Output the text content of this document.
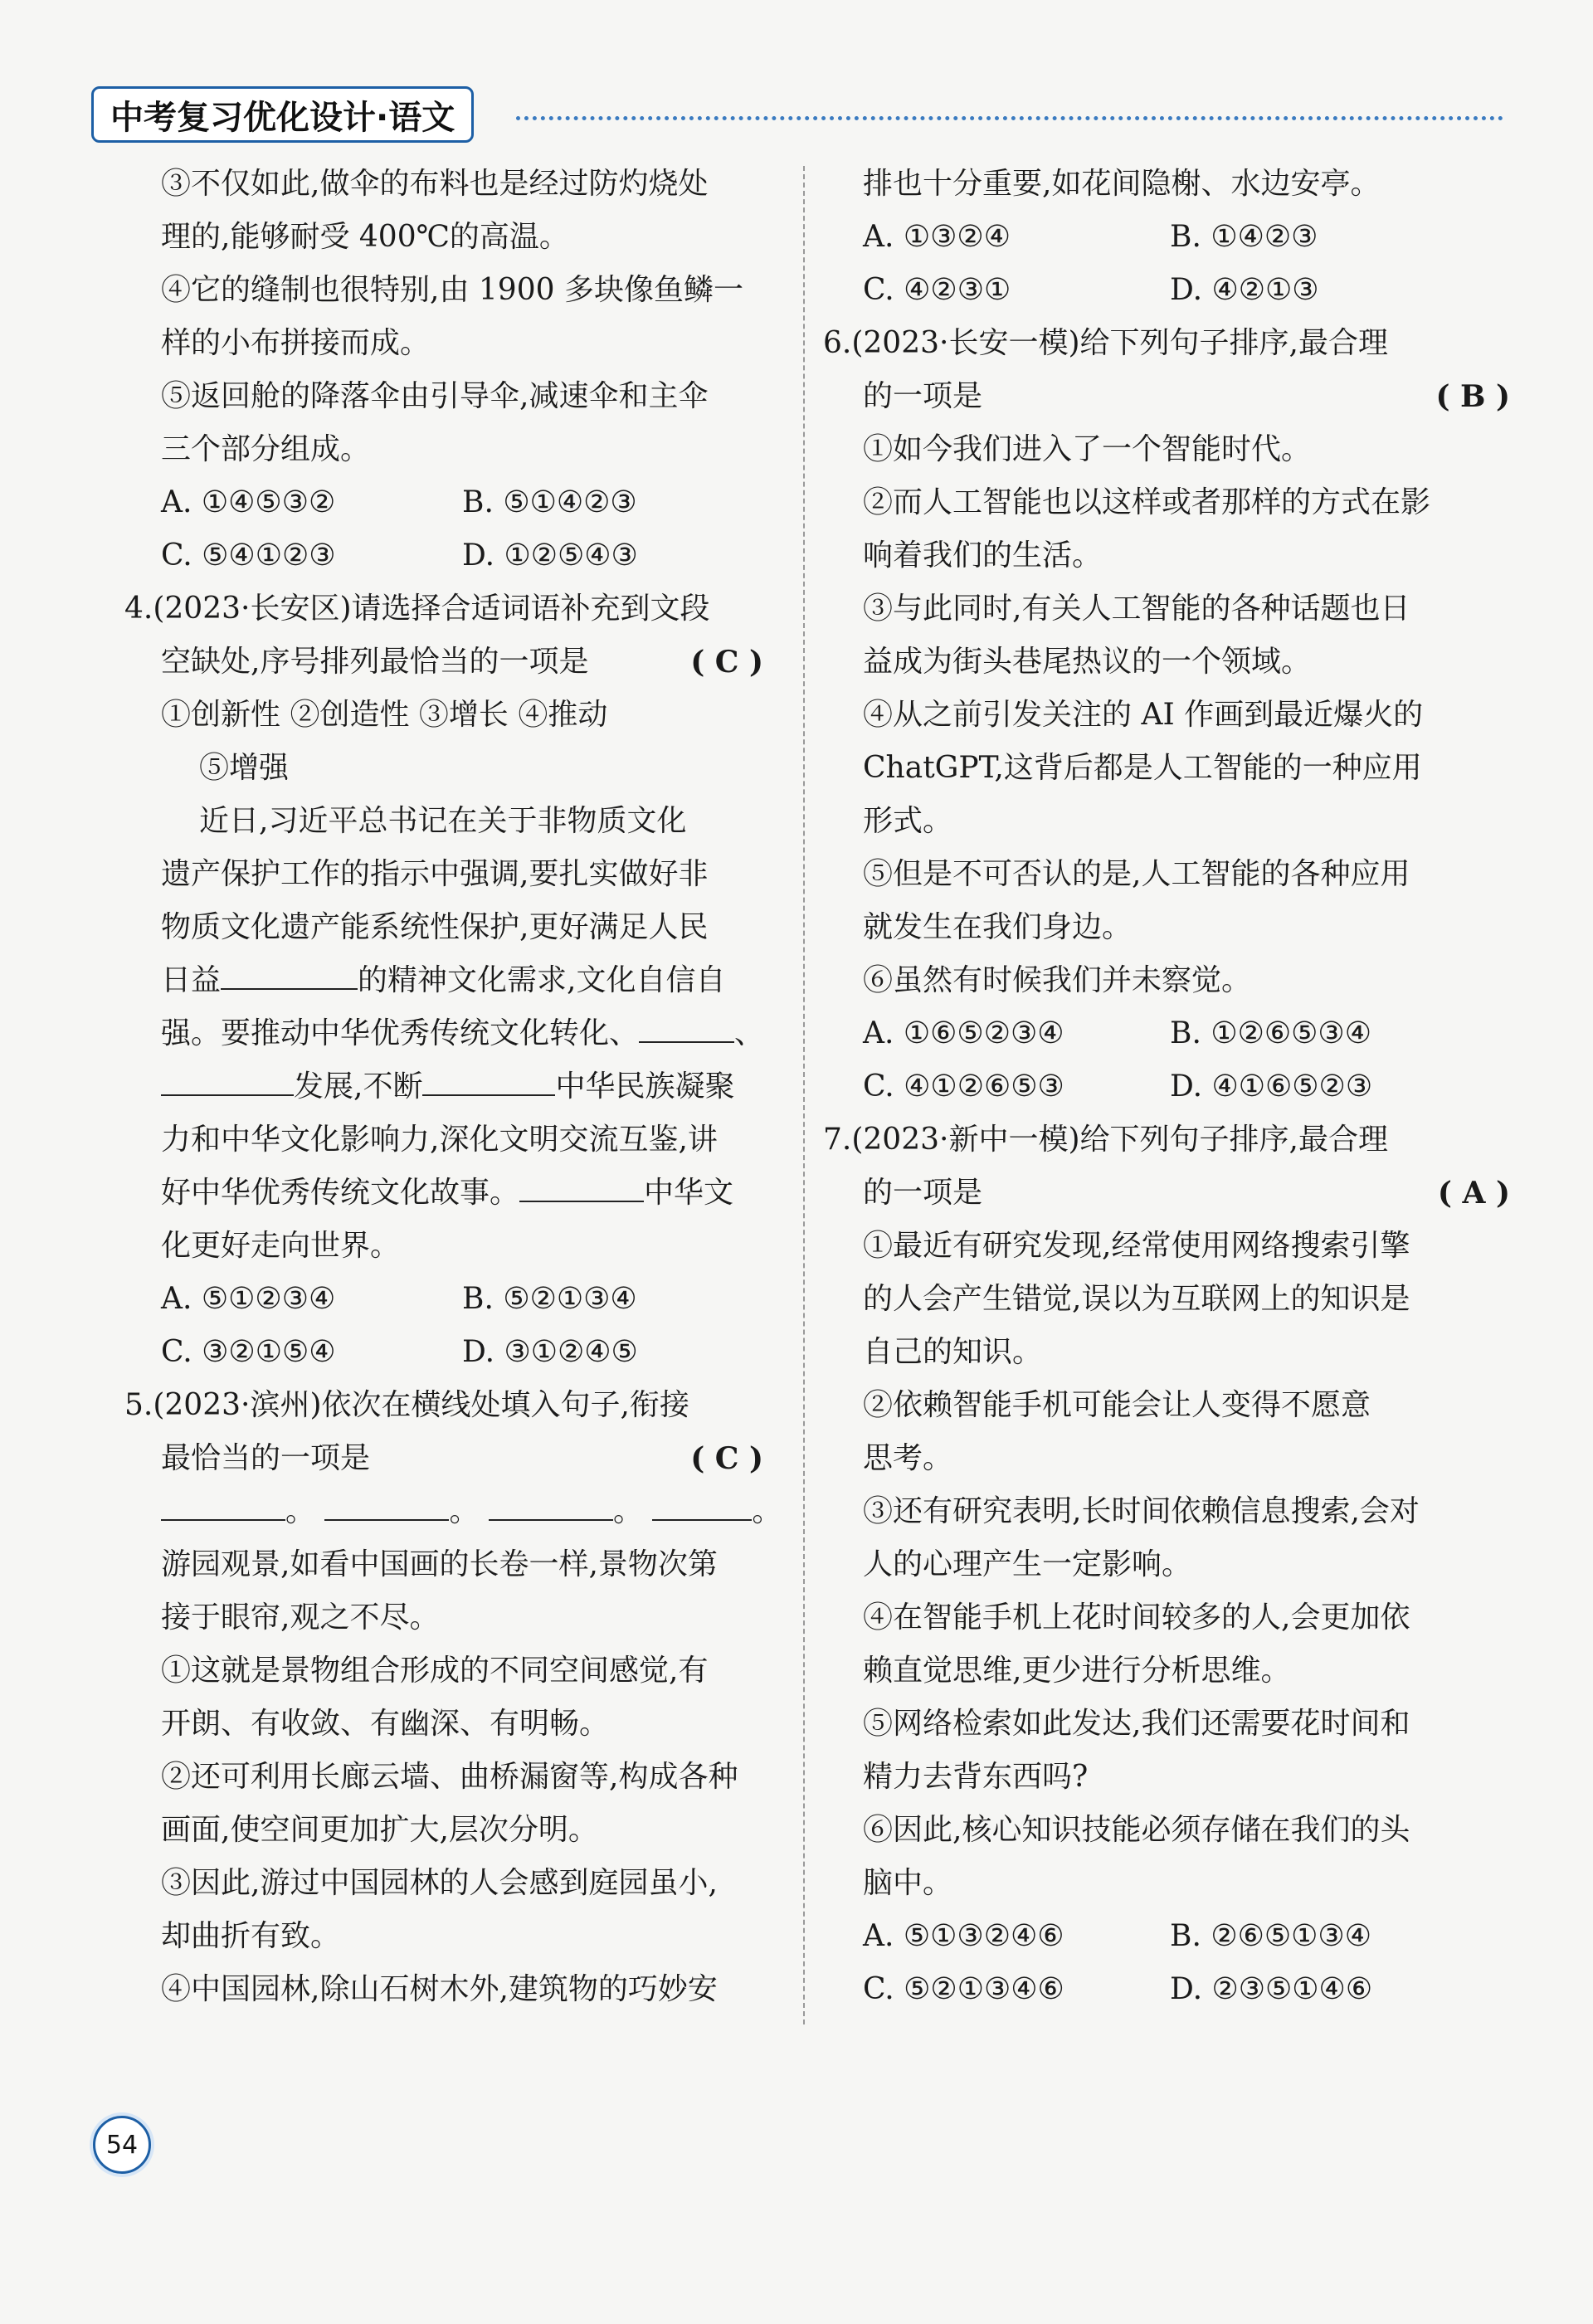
中考复习优化设计·语文
③不仅如此,做伞的布料也是经过防灼烧处
理的,能够耐受 400℃的高温。
④它的缝制也很特别,由 1900 多块像鱼鳞一
样的小布拼接而成。
⑤返回舱的降落伞由引导伞,减速伞和主伞
三个部分组成。
A. ①④⑤③②	B. ⑤①④②③
C. ⑤④①②③	D. ①②⑤④③
4.(2023·长安区)请选择合适词语补充到文段
空缺处,序号排列最恰当的一项是	( C )
①创新性 ②创造性 ③增长 ④推动
⑤增强
近日,习近平总书记在关于非物质文化
遗产保护工作的指示中强调,要扎实做好非
物质文化遗产能系统性保护,更好满足人民
日益	的精神文化需求,文化自信自
强。要推动中华优秀传统文化转化、	、
发展,不断	中华民族凝聚
力和中华文化影响力,深化文明交流互鉴,讲
好中华优秀传统文化故事。	中华文
化更好走向世界。
A. ⑤①②③④	B. ⑤②①③④
C. ③②①⑤④	D. ③①②④⑤
5.(2023·滨州)依次在横线处填入句子,衔接
最恰当的一项是	( C )
。	。	。	。
游园观景,如看中国画的长卷一样,景物次第
接于眼帘,观之不尽。
①这就是景物组合形成的不同空间感觉,有
开朗、有收敛、有幽深、有明畅。
②还可利用长廊云墙、曲桥漏窗等,构成各种
画面,使空间更加扩大,层次分明。
③因此,游过中国园林的人会感到庭园虽小,
却曲折有致。
④中国园林,除山石树木外,建筑物的巧妙安
排也十分重要,如花间隐榭、水边安亭。
A. ①③②④	B. ①④②③
C. ④②③①	D. ④②①③
6.(2023·长安一模)给下列句子排序,最合理
的一项是	( B )
①如今我们进入了一个智能时代。
②而人工智能也以这样或者那样的方式在影
响着我们的生活。
③与此同时,有关人工智能的各种话题也日
益成为街头巷尾热议的一个领域。
④从之前引发关注的 AI 作画到最近爆火的
ChatGPT,这背后都是人工智能的一种应用
形式。
⑤但是不可否认的是,人工智能的各种应用
就发生在我们身边。
⑥虽然有时候我们并未察觉。
A. ①⑥⑤②③④	B. ①②⑥⑤③④
C. ④①②⑥⑤③	D. ④①⑥⑤②③
7.(2023·新中一模)给下列句子排序,最合理
的一项是	( A )
①最近有研究发现,经常使用网络搜索引擎
的人会产生错觉,误以为互联网上的知识是
自己的知识。
②依赖智能手机可能会让人变得不愿意
思考。
③还有研究表明,长时间依赖信息搜索,会对
人的心理产生一定影响。
④在智能手机上花时间较多的人,会更加依
赖直觉思维,更少进行分析思维。
⑤网络检索如此发达,我们还需要花时间和
精力去背东西吗?
⑥因此,核心知识技能必须存储在我们的头
脑中。
A. ⑤①③②④⑥	B. ②⑥⑤①③④
C. ⑤②①③④⑥	D. ②③⑤①④⑥
54
